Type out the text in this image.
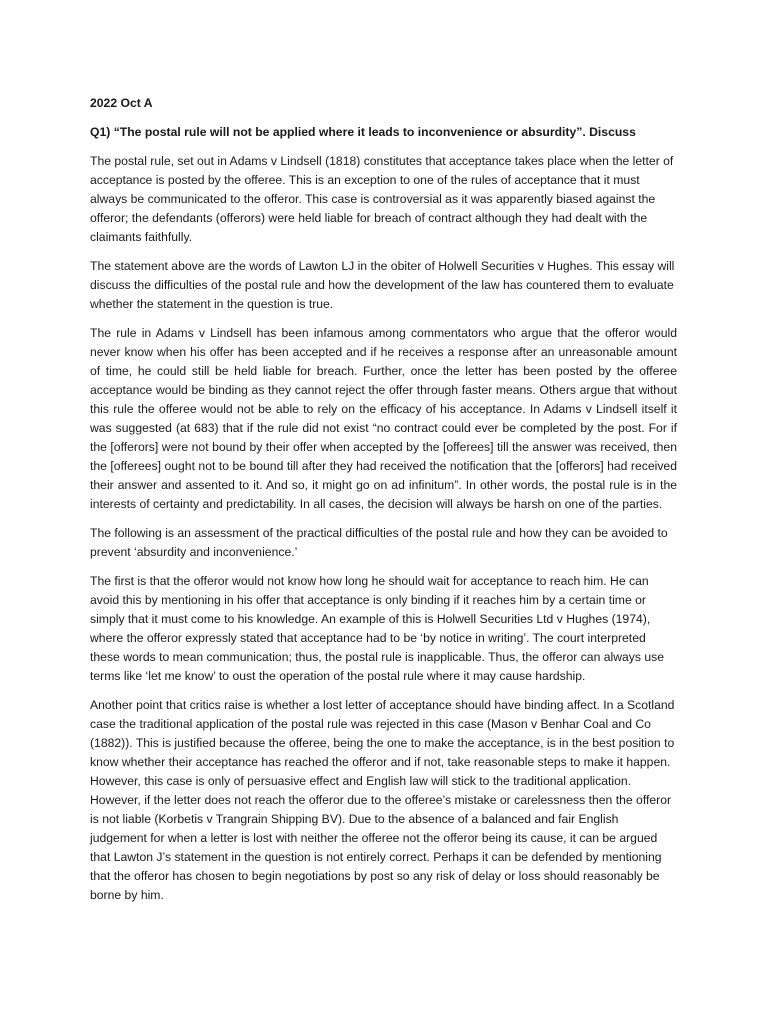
2022 Oct A

Q1) “The postal rule will not be applied where it leads to inconvenience or absurdity”. Discuss

The postal rule, set out in Adams v Lindsell (1818) constitutes that acceptance takes place when the letter of acceptance is posted by the offeree. This is an exception to one of the rules of acceptance that it must always be communicated to the offeror. This case is controversial as it was apparently biased against the offeror; the defendants (offerors) were held liable for breach of contract although they had dealt with the claimants faithfully.

The statement above are the words of Lawton LJ in the obiter of Holwell Securities v Hughes. This essay will discuss the difficulties of the postal rule and how the development of the law has countered them to evaluate whether the statement in the question is true.

The rule in Adams v Lindsell has been infamous among commentators who argue that the offeror would never know when his offer has been accepted and if he receives a response after an unreasonable amount of time, he could still be held liable for breach. Further, once the letter has been posted by the offeree acceptance would be binding as they cannot reject the offer through faster means. Others argue that without this rule the offeree would not be able to rely on the efficacy of his acceptance. In Adams v Lindsell itself it was suggested (at 683) that if the rule did not exist “no contract could ever be completed by the post. For if the [offerors] were not bound by their offer when accepted by the [offerees] till the answer was received, then the [offerees] ought not to be bound till after they had received the notification that the [offerors] had received their answer and assented to it. And so, it might go on ad infinitum”. In other words, the postal rule is in the interests of certainty and predictability. In all cases, the decision will always be harsh on one of the parties.

The following is an assessment of the practical difficulties of the postal rule and how they can be avoided to prevent ‘absurdity and inconvenience.’

The first is that the offeror would not know how long he should wait for acceptance to reach him. He can avoid this by mentioning in his offer that acceptance is only binding if it reaches him by a certain time or simply that it must come to his knowledge. An example of this is Holwell Securities Ltd v Hughes (1974), where the offeror expressly stated that acceptance had to be ‘by notice in writing’. The court interpreted these words to mean communication; thus, the postal rule is inapplicable. Thus, the offeror can always use terms like ‘let me know’ to oust the operation of the postal rule where it may cause hardship.

Another point that critics raise is whether a lost letter of acceptance should have binding affect. In a Scotland case the traditional application of the postal rule was rejected in this case (Mason v Benhar Coal and Co (1882)). This is justified because the offeree, being the one to make the acceptance, is in the best position to know whether their acceptance has reached the offeror and if not, take reasonable steps to make it happen. However, this case is only of persuasive effect and English law will stick to the traditional application. However, if the letter does not reach the offeror due to the offeree’s mistake or carelessness then the offeror is not liable (Korbetis v Trangrain Shipping BV). Due to the absence of a balanced and fair English judgement for when a letter is lost with neither the offeree not the offeror being its cause, it can be argued that Lawton J’s statement in the question is not entirely correct. Perhaps it can be defended by mentioning that the offeror has chosen to begin negotiations by post so any risk of delay or loss should reasonably be borne by him.
